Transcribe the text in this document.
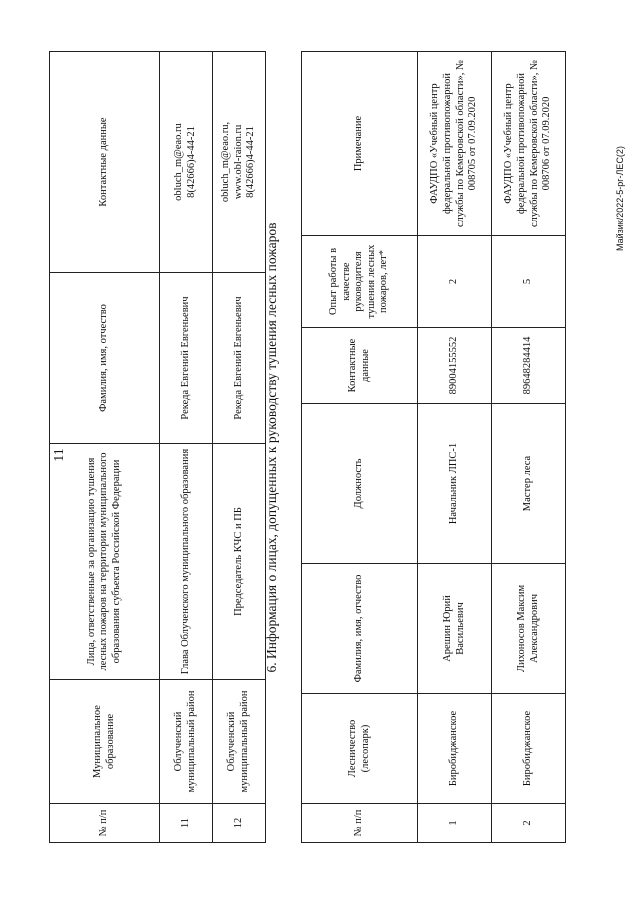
11
Майзик/2022-5-рг-ЛЕС(2)
№ п/п	Муниципальное образование	Лица, ответственные за организацию тушения лесных пожаров на территории муниципального образования субъекта Российской Федерации	Фамилия, имя, отчество	Контактные данные
11	Облученский муниципальный район	Глава Облученского муниципального образования	Рекеда Евгений Евгеньевич	obluch_m@eao.ru 8(42666)4-44-21

12	Облученский муниципальный район	Председатель КЧС и ПБ	Рекеда Евгений Евгеньевич	obluch_m@eao.ru, www.obl-raion.ru 8(42666)4-44-21
6. Информация о лицах, допущенных к руководству тушения лесных пожаров
№ п/п	Лесничество (лесопарк)	Фамилия, имя, отчество	Должность	Контактные данные	Опыт работы в качестве руководителя тушения лесных пожаров, лет*	Примечание
1	Биробиджанское	Арешин Юрий Васильевич	Начальник ЛПС-1	89004155552	2	ФАУДПО «Учебный центр федеральной противопожарной службы по Кемеровской области», № 008705 от 07.09.2020
2	Биробиджанское	Лихоносов Максим Александрович	Мастер леса	89648284414	5	ФАУДПО «Учебный центр федеральной противопожарной службы по Кемеровской области», № 008706 от 07.09.2020
